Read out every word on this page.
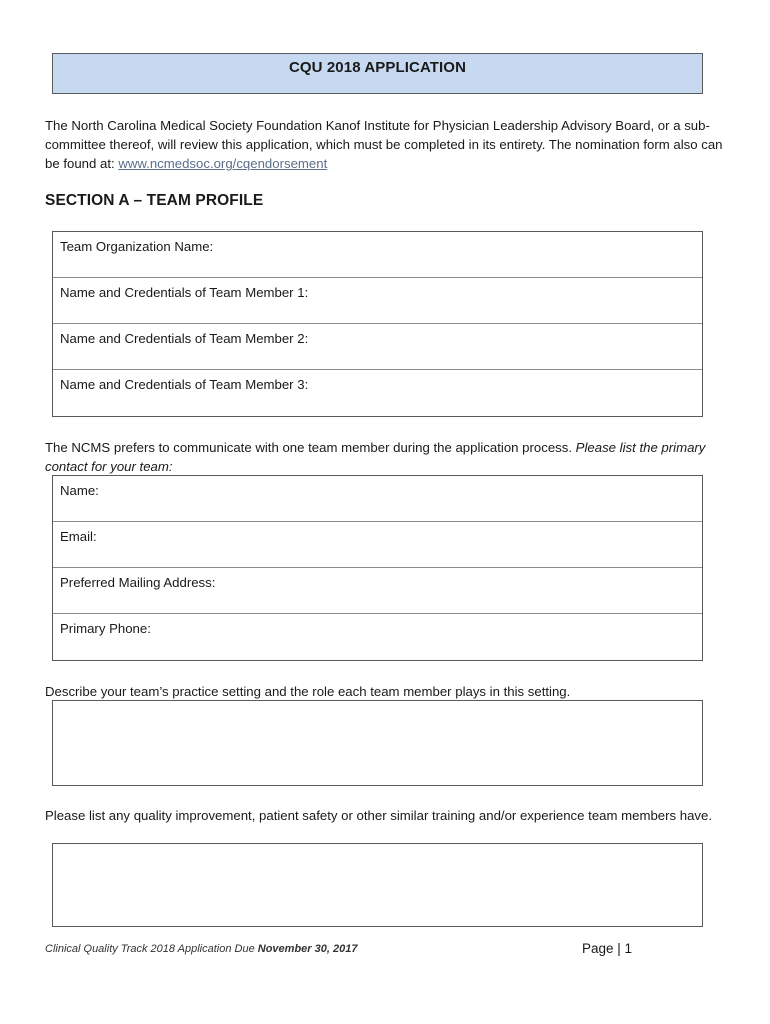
CQU 2018 APPLICATION
The North Carolina Medical Society Foundation Kanof Institute for Physician Leadership Advisory Board, or a sub-committee thereof, will review this application, which must be completed in its entirety. The nomination form also can be found at: www.ncmedsoc.org/cqendorsement
SECTION A – TEAM PROFILE
Team Organization Name:
Name and Credentials of Team Member 1:
Name and Credentials of Team Member 2:
Name and Credentials of Team Member 3:
The NCMS prefers to communicate with one team member during the application process. Please list the primary contact for your team:
Name:
Email:
Preferred Mailing Address:
Primary Phone:
Describe your team’s practice setting and the role each team member plays in this setting.
Please list any quality improvement, patient safety or other similar training and/or experience team members have.
Clinical Quality Track 2018 Application Due November 30, 2017	Page | 1
